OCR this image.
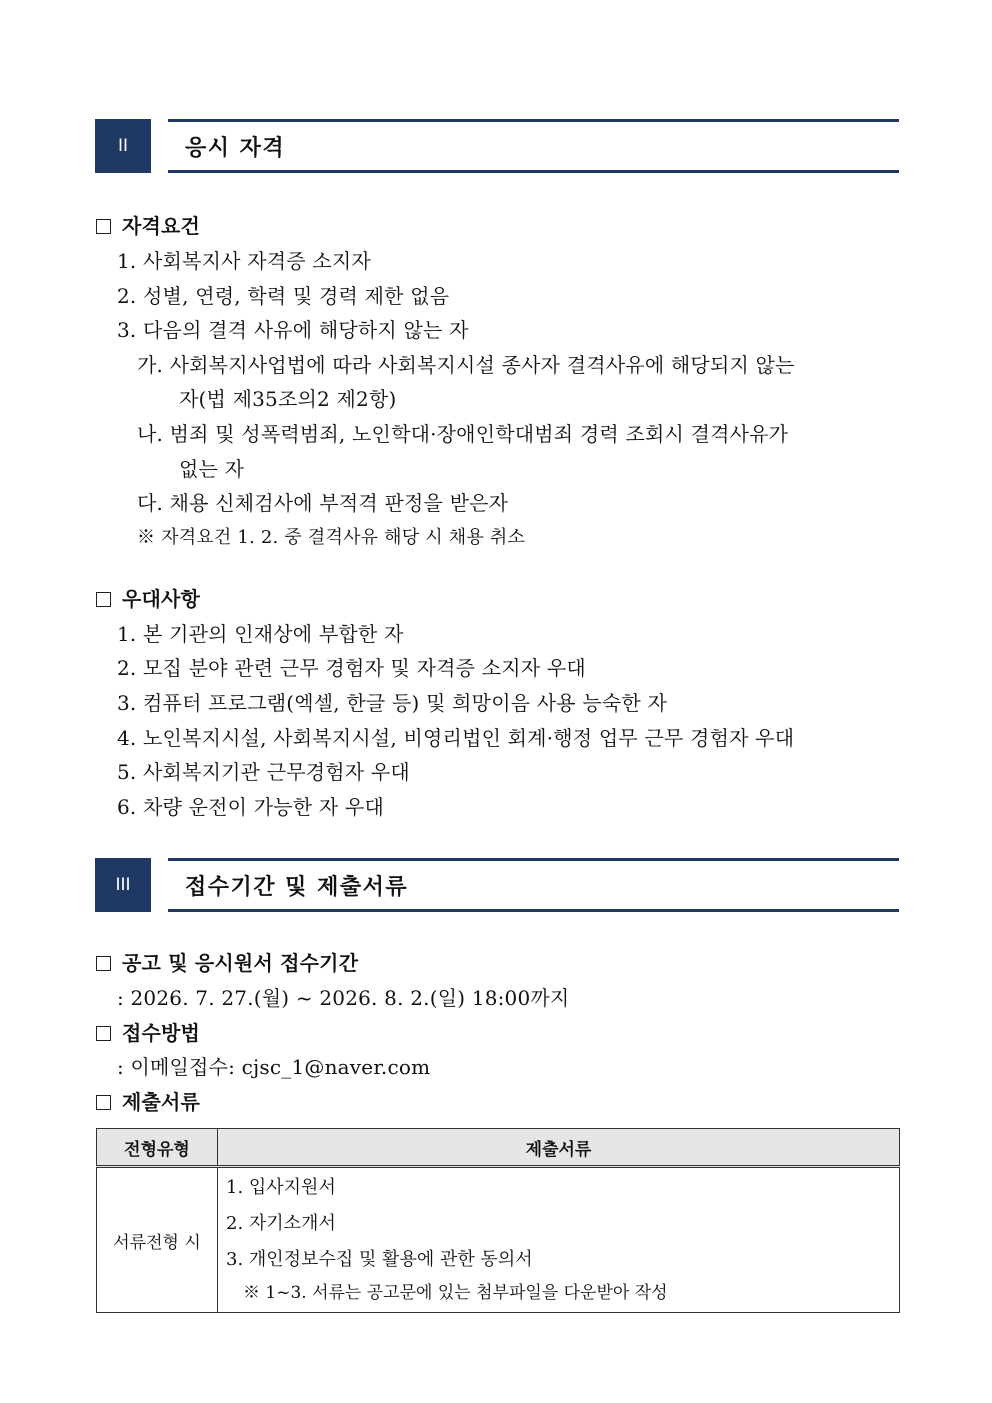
II	응시 자격
자격요건
1. 사회복지사 자격증 소지자
2. 성별, 연령, 학력 및 경력 제한 없음
3. 다음의 결격 사유에 해당하지 않는 자
가. 사회복지사업법에 따라 사회복지시설 종사자 결격사유에 해당되지 않는
자(법 제35조의2 제2항)
나. 범죄 및 성폭력범죄, 노인학대·장애인학대범죄 경력 조회시 결격사유가
없는 자
다. 채용 신체검사에 부적격 판정을 받은자
※ 자격요건 1. 2. 중 결격사유 해당 시 채용 취소
우대사항
1. 본 기관의 인재상에 부합한 자
2. 모집 분야 관련 근무 경험자 및 자격증 소지자 우대
3. 컴퓨터 프로그램(엑셀, 한글 등) 및 희망이음 사용 능숙한 자
4. 노인복지시설, 사회복지시설, 비영리법인 회계·행정 업무 근무 경험자 우대
5. 사회복지기관 근무경험자 우대
6. 차량 운전이 가능한 자 우대
III	접수기간 및 제출서류
공고 및 응시원서 접수기간
: 2026. 7. 27.(월) ~ 2026. 8. 2.(일) 18:00까지
접수방법
: 이메일접수: cjsc_1@naver.com
제출서류
전형유형	제출서류
서류전형 시	1. 입사지원서
2. 자기소개서
3. 개인정보수집 및 활용에 관한 동의서
※ 1~3. 서류는 공고문에 있는 첨부파일을 다운받아 작성
